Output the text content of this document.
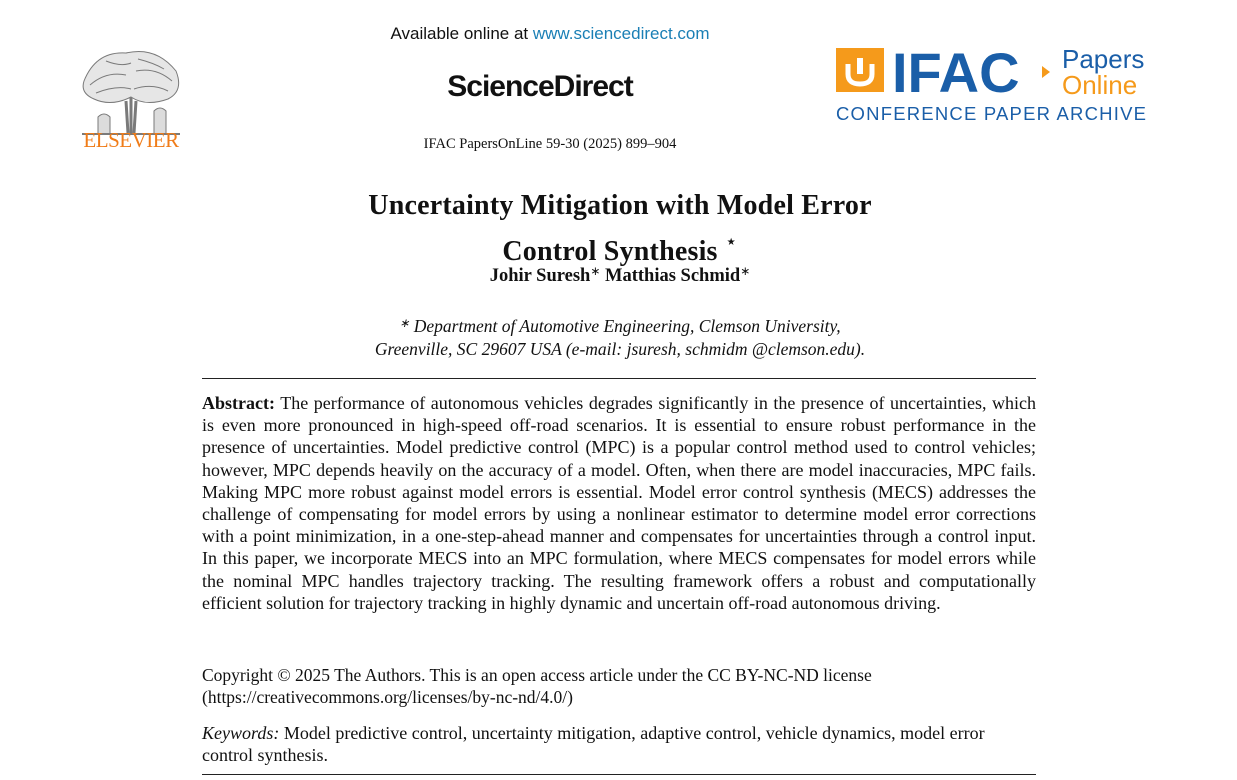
ELSEVIER
Available online at www.sciencedirect.com
ScienceDirect
IFAC PapersOnLine 59-30 (2025) 899–904
IFAC Papers
Online
CONFERENCE PAPER ARCHIVE
Uncertainty Mitigation with Model Error
Control Synthesis ⋆
Johir Suresh∗ Matthias Schmid∗
∗ Department of Automotive Engineering, Clemson University,
Greenville, SC 29607 USA (e-mail: jsuresh, schmidm @clemson.edu).
Abstract: The performance of autonomous vehicles degrades significantly in the presence of uncertainties, which is even more pronounced in high-speed off-road scenarios. It is essential to ensure robust performance in the presence of uncertainties. Model predictive control (MPC) is a popular control method used to control vehicles; however, MPC depends heavily on the accuracy of a model. Often, when there are model inaccuracies, MPC fails. Making MPC more robust against model errors is essential. Model error control synthesis (MECS) addresses the challenge of compensating for model errors by using a nonlinear estimator to determine model error corrections with a point minimization, in a one-step-ahead manner and compensates for uncertainties through a control input. In this paper, we incorporate MECS into an MPC formulation, where MECS compensates for model errors while the nominal MPC handles trajectory tracking. The resulting framework offers a robust and computationally efficient solution for trajectory tracking in highly dynamic and uncertain off-road autonomous driving.
Copyright © 2025 The Authors. This is an open access article under the CC BY-NC-ND license
(https://creativecommons.org/licenses/by-nc-nd/4.0/)
Keywords: Model predictive control, uncertainty mitigation, adaptive control, vehicle dynamics, model error control synthesis.
